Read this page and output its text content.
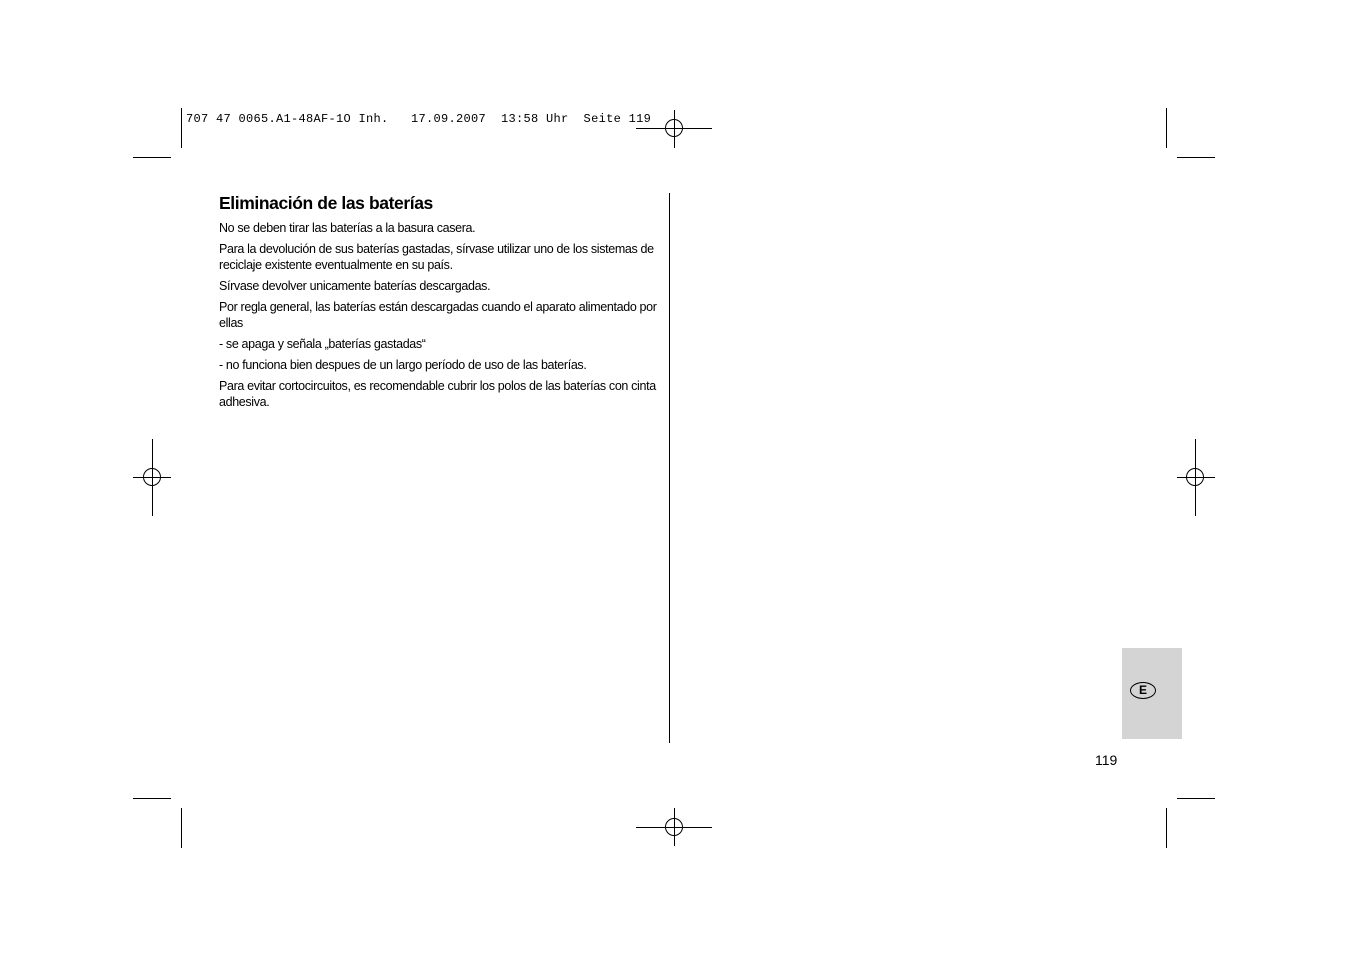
707 47 0065.A1-48AF-1O Inh.   17.09.2007  13:58 Uhr  Seite 119
Eliminación de las baterías

No se deben tirar las baterías a la basura casera.

Para la devolución de sus baterías gastadas, sírvase utilizar uno de los sistemas de reciclaje existente eventualmente en su país.

Sírvase devolver unicamente baterías descargadas.

Por regla general, las baterías están descargadas cuando el aparato alimentado por ellas

- se apaga y señala „baterías gastadas“

- no funciona bien despues de un largo período de uso de las baterías.

Para evitar cortocircuitos, es recomendable cubrir los polos de las baterías con cinta adhesiva.

E
119
